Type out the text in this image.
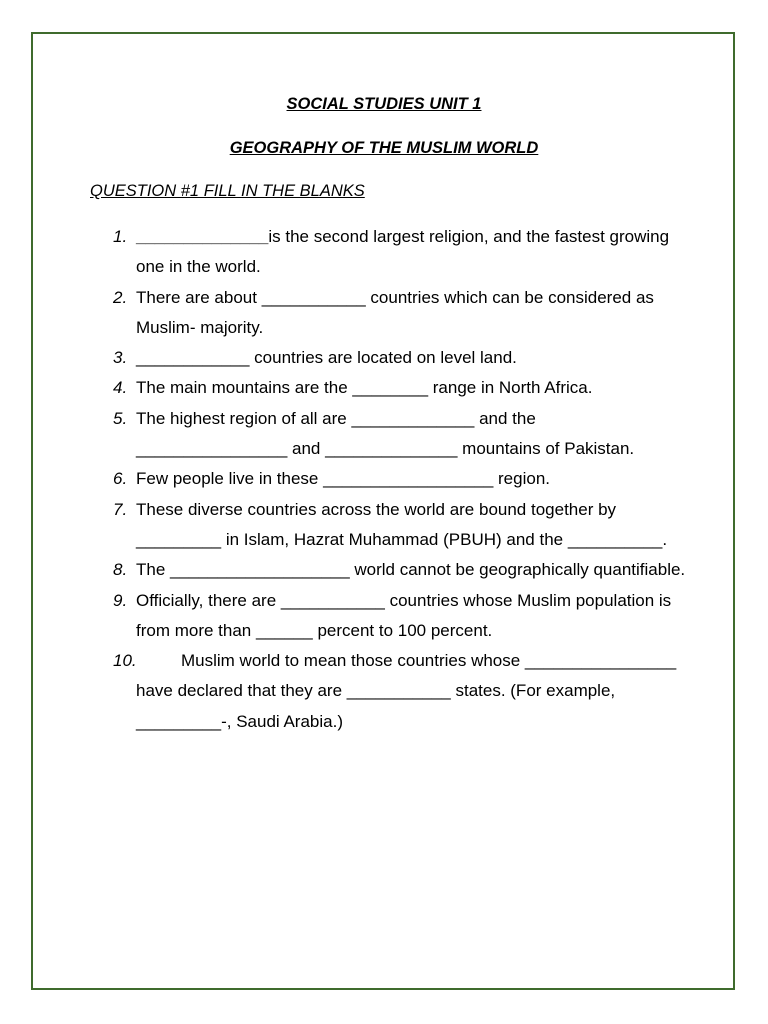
SOCIAL STUDIES UNIT 1
GEOGRAPHY OF THE MUSLIM WORLD
QUESTION #1 FILL IN THE BLANKS
1. ______________is the second largest religion, and the fastest growing one in the world.
2. There are about ___________ countries which can be considered as Muslim- majority.
3. ____________ countries are located on level land.
4. The main mountains are the ________ range in North Africa.
5. The highest region of all are _____________ and the ________________ and ______________ mountains of Pakistan.
6. Few people live in these __________________ region.
7. These diverse countries across the world are bound together by _________ in Islam, Hazrat Muhammad (PBUH) and the __________.
8. The ___________________ world cannot be geographically quantifiable.
9. Officially, there are ___________ countries whose Muslim population is from more than ______ percent to 100 percent.
10.	Muslim world to mean those countries whose ________________ have declared that they are ___________ states. (For example, _________-, Saudi Arabia.)
